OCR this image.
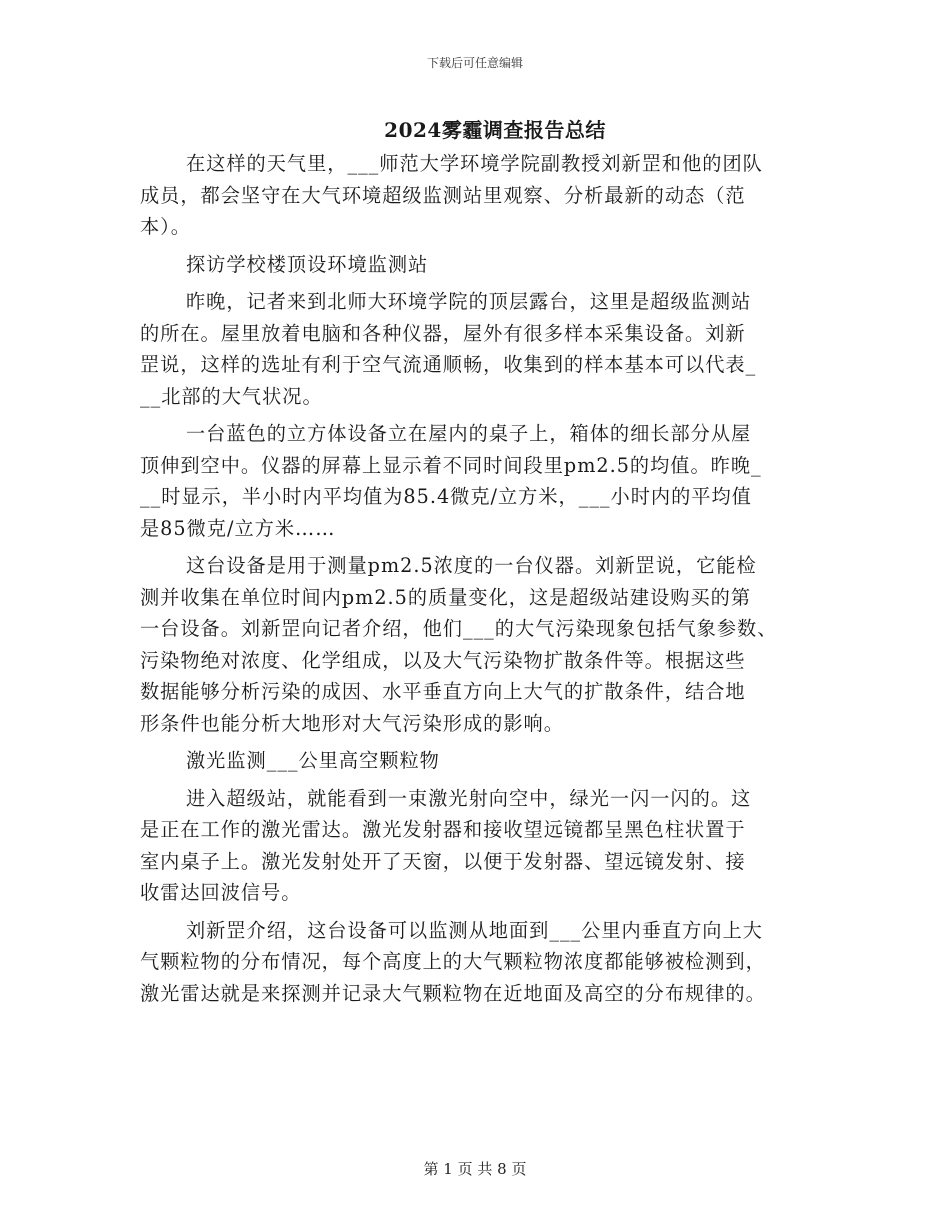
下载后可任意编辑
2024雾霾调查报告总结
在这样的天气里，___师范大学环境学院副教授刘新罡和他的团队
成员，都会坚守在大气环境超级监测站里观察、分析最新的动态（范
本）。
探访学校楼顶设环境监测站
昨晚，记者来到北师大环境学院的顶层露台，这里是超级监测站
的所在。屋里放着电脑和各种仪器，屋外有很多样本采集设备。刘新
罡说，这样的选址有利于空气流通顺畅，收集到的样本基本可以代表_
__北部的大气状况。
一台蓝色的立方体设备立在屋内的桌子上，箱体的细长部分从屋
顶伸到空中。仪器的屏幕上显示着不同时间段里pm2.5的均值。昨晚_
__时显示，半小时内平均值为85.4微克/立方米，___小时内的平均值
是85微克/立方米……
这台设备是用于测量pm2.5浓度的一台仪器。刘新罡说，它能检
测并收集在单位时间内pm2.5的质量变化，这是超级站建设购买的第
一台设备。刘新罡向记者介绍，他们___的大气污染现象包括气象参数、
污染物绝对浓度、化学组成，以及大气污染物扩散条件等。根据这些
数据能够分析污染的成因、水平垂直方向上大气的扩散条件，结合地
形条件也能分析大地形对大气污染形成的影响。
激光监测___公里高空颗粒物
进入超级站，就能看到一束激光射向空中，绿光一闪一闪的。这
是正在工作的激光雷达。激光发射器和接收望远镜都呈黑色柱状置于
室内桌子上。激光发射处开了天窗，以便于发射器、望远镜发射、接
收雷达回波信号。
刘新罡介绍，这台设备可以监测从地面到___公里内垂直方向上大
气颗粒物的分布情况，每个高度上的大气颗粒物浓度都能够被检测到，
激光雷达就是来探测并记录大气颗粒物在近地面及高空的分布规律的。
第 1 页 共 8 页
